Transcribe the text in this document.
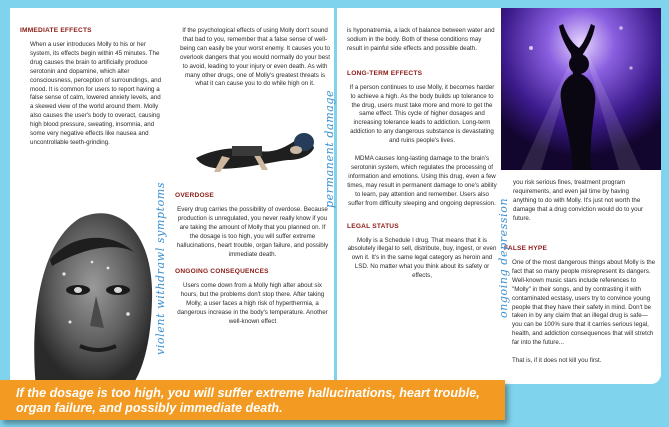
IMMEDIATE EFFECTS
When a user introduces Molly to his or her system, its effects begin within 45 minutes. The drug causes the brain to artificially produce serotonin and dopamine, which alter consciousness, perception of surroundings, and mood. It is common for users to report having a false sense of calm, lowered anxiety levels, and a skewed view of the world around them. Molly also causes the user's body to overact, causing high blood pressure, sweating, insomnia, and some very negative effects like nausea and uncontrollable teeth-grinding.
If the psychological effects of using Molly don't sound that bad to you, remember that a false sense of well-being can easily be your worst enemy. It causes you to overlook dangers that you would normally do your best to avoid, leading to your injury or even death. As with many other drugs, one of Molly's greatest threats is what it can cause you to do while high on it.
OVERDOSE
Every drug carries the possibility of overdose. Because production is unregulated, you never really know if you are taking the amount of Molly that you planned on. If the dosage is too high, you will suffer extreme hallucinations, heart trouble, organ failure, and possibly immediate death.
ONGOING CONSEQUENCES
Users come down from a Molly high after about six hours, but the problems don't stop there. After taking Molly, a user faces a high risk of hyperthermia, a dangerous increase in the body's temperature. Another well-known effect
violent withdrawl symptoms
is hyponatremia, a lack of balance between water and sodium in the body. Both of these conditions may result in painful side effects and possible death.
LONG-TERM EFFECTS
If a person continues to use Molly, it becomes harder to achieve a high. As the body builds up tolerance to the drug, users must take more and more to get the same effect. This cycle of higher dosages and increasing tolerance leads to addiction. Long-term addiction to any dangerous substance is devastating and ruins people's lives.
MDMA causes long-lasting damage to the brain's serotonin system, which regulates the processing of information and emotions. Using this drug, even a few times, may result in permanent damage to one's ability to learn, pay attention and remember. Users also suffer from difficulty sleeping and ongoing depression.
LEGAL STATUS
Molly is a Schedule I drug. That means that it is absolutely illegal to sell, distribute, buy, ingest, or even own it. It's in the same legal category as heroin and LSD. No matter what you think about its safety or effects,
you risk serious fines, treatment program requirements, and even jail time by having anything to do with Molly. It's just not worth the damage that a drug conviction would do to your future.
FALSE HYPE
One of the most dangerous things about Molly is the fact that so many people misrepresent its dangers. Well-known music stars include references to "Molly" in their songs, and by contrasting it with contaminated ecstasy, users try to convince young people that they have their safety in mind. Don't be taken in by any claim that an illegal drug is safe—you can be 100% sure that it carries serious legal, health, and addiction consequences that will stretch far into the future...
That is, if it does not kill you first.
permanent damage
ongoing depression
If the dosage is too high, you will suffer extreme hallucinations, heart trouble, organ failure, and possibly immediate death.
